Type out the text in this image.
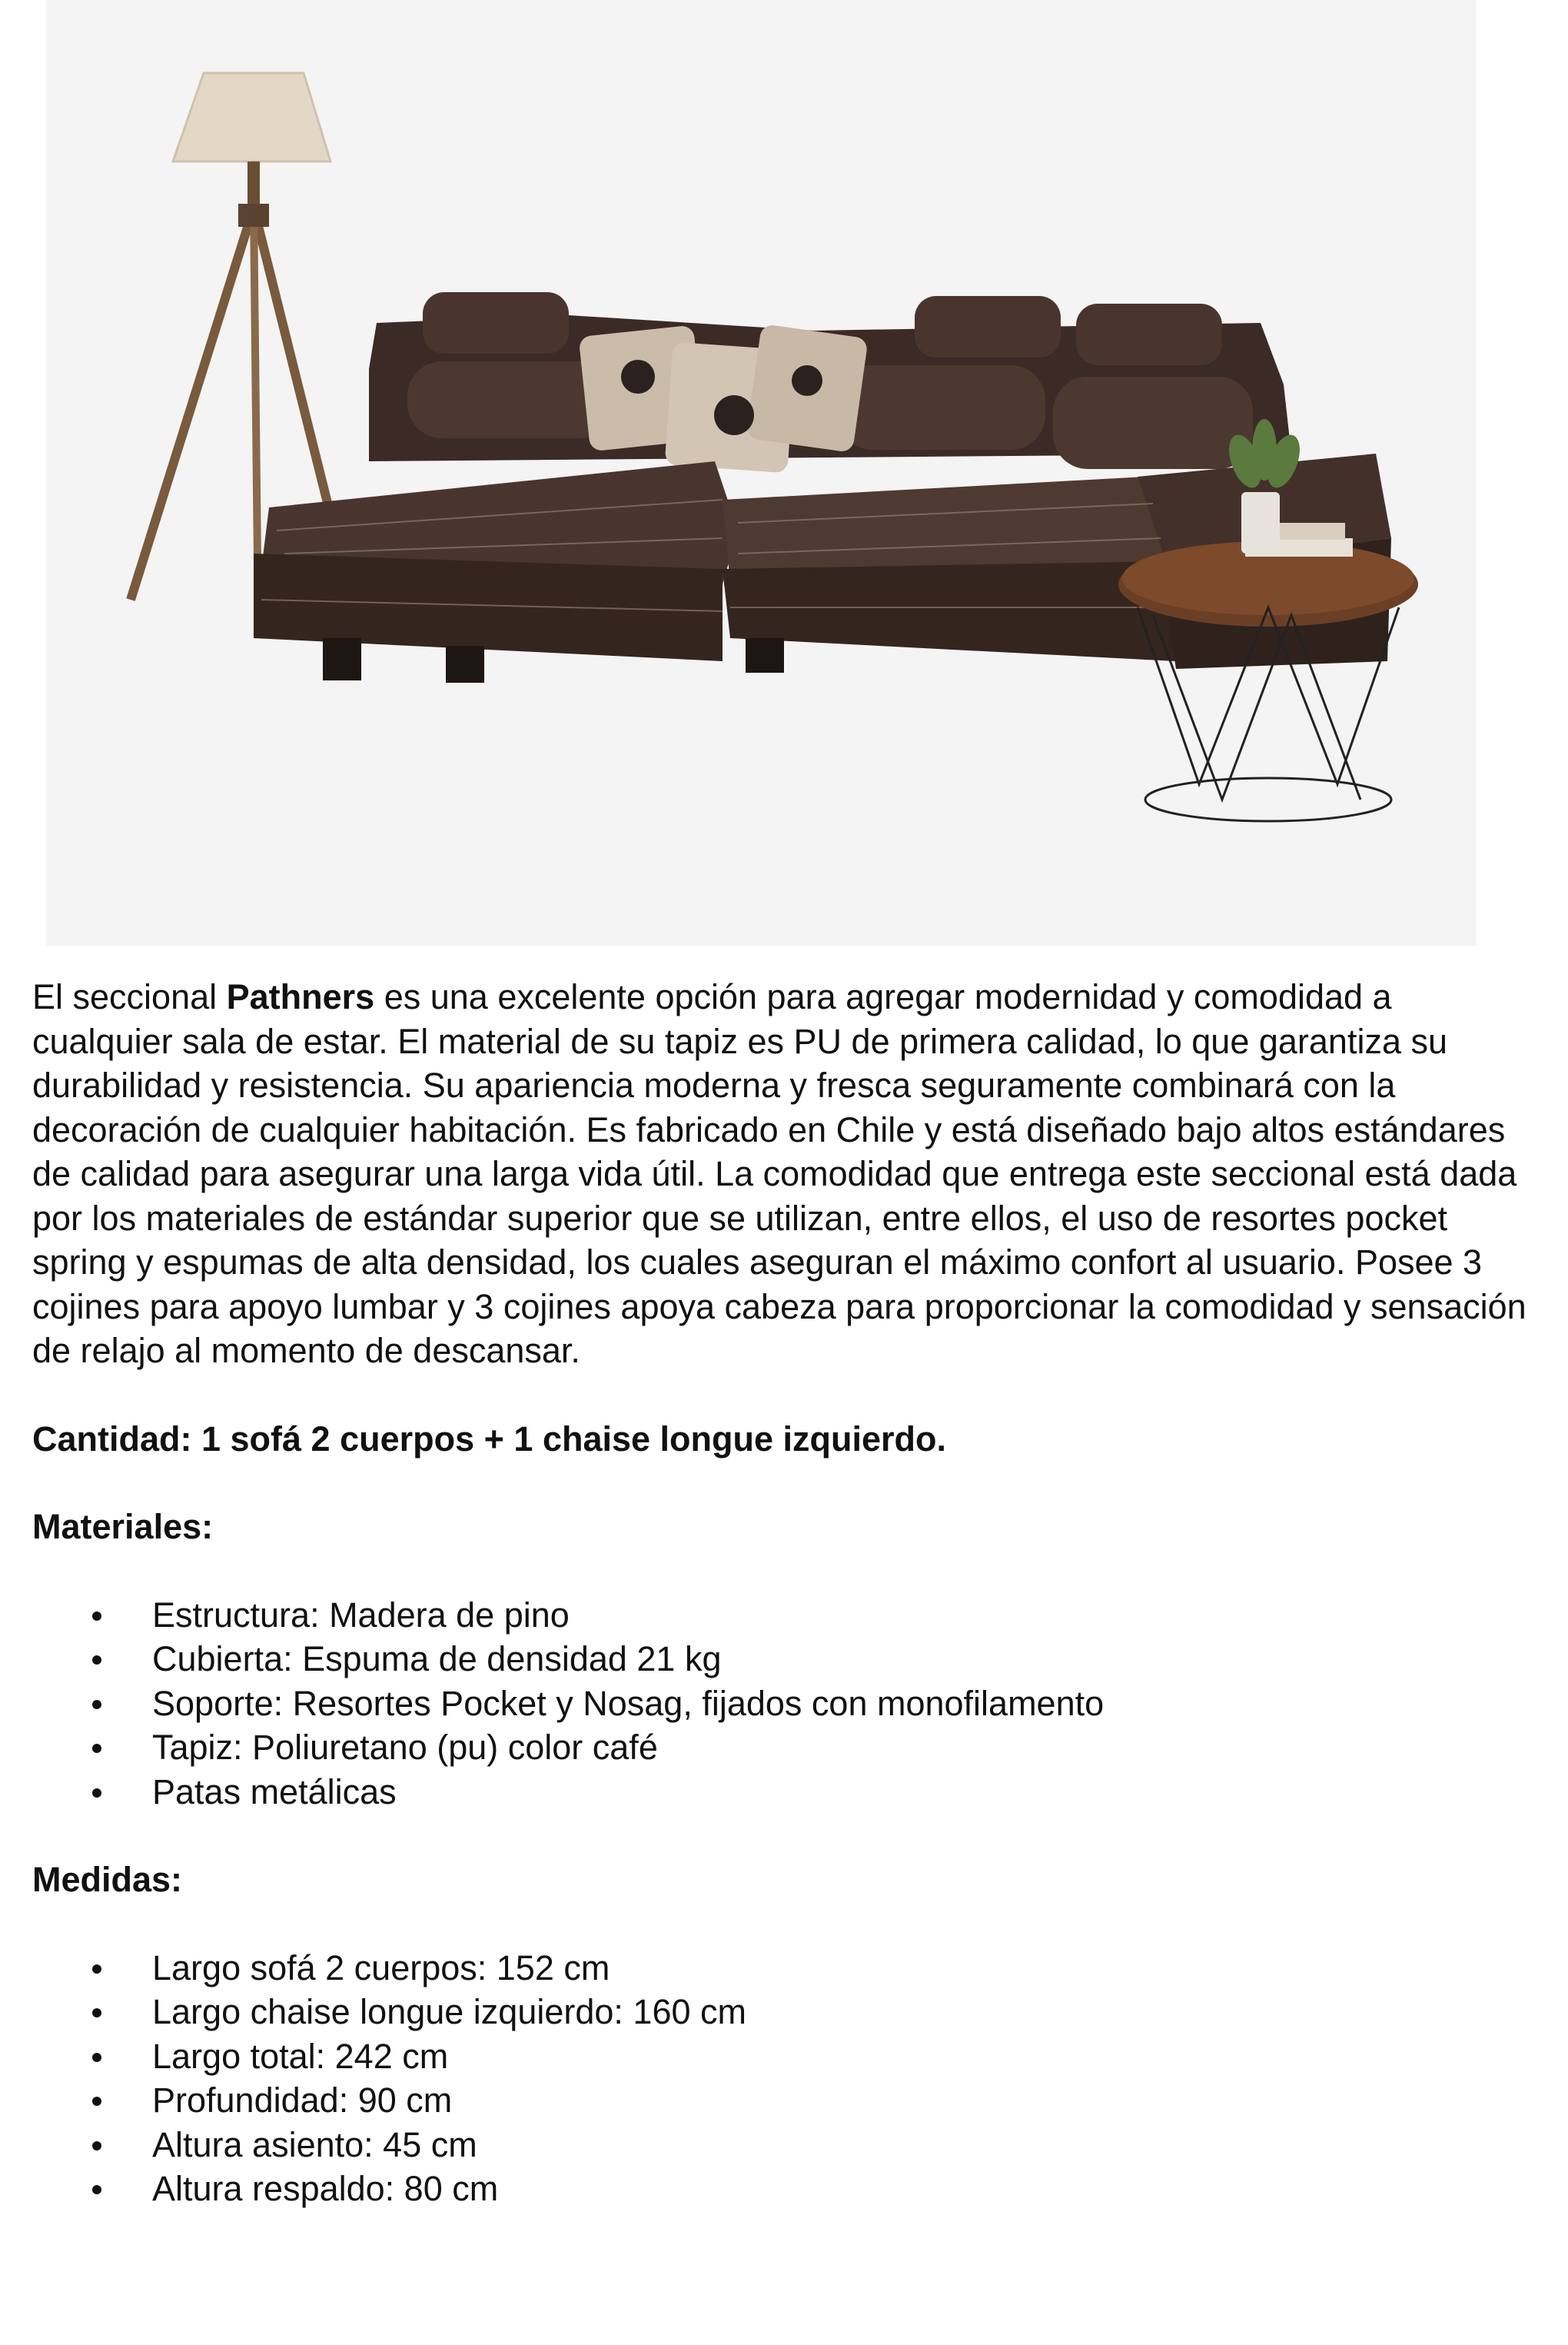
El seccional Pathners es una excelente opción para agregar modernidad y comodidad a cualquier sala de estar. El material de su tapiz es PU de primera calidad, lo que garantiza su durabilidad y resistencia. Su apariencia moderna y fresca seguramente combinará con la decoración de cualquier habitación. Es fabricado en Chile y está diseñado bajo altos estándares de calidad para asegurar una larga vida útil. La comodidad que entrega este seccional está dada por los materiales de estándar superior que se utilizan, entre ellos, el uso de resortes pocket spring y espumas de alta densidad, los cuales aseguran el máximo confort al usuario. Posee 3 cojines para apoyo lumbar y 3 cojines apoya cabeza para proporcionar la comodidad y sensación de relajo al momento de descansar.

Cantidad: 1 sofá 2 cuerpos + 1 chaise longue izquierdo.

Materiales:

Estructura: Madera de pino
Cubierta: Espuma de densidad 21 kg
Soporte: Resortes Pocket y Nosag, fijados con monofilamento
Tapiz: Poliuretano (pu) color café
Patas metálicas

Medidas:

Largo sofá 2 cuerpos: 152 cm
Largo chaise longue izquierdo: 160 cm
Largo total: 242 cm
Profundidad: 90 cm
Altura asiento: 45 cm
Altura respaldo: 80 cm
